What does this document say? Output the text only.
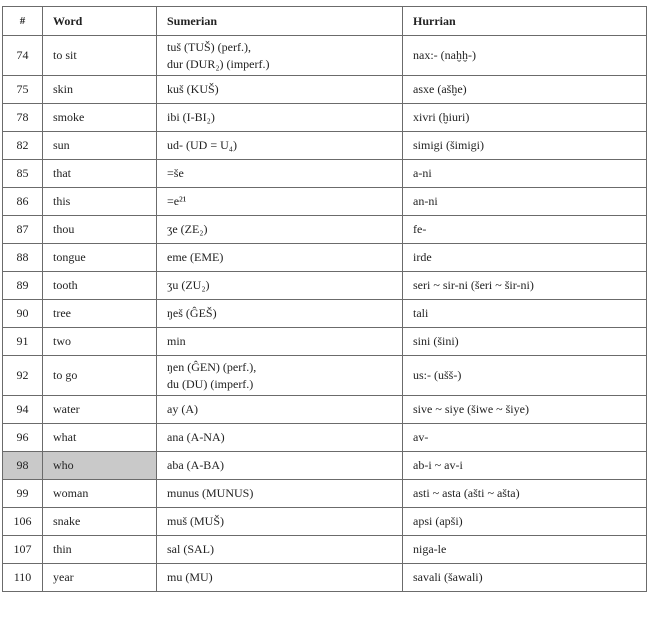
#	Word	Sumerian	Hurrian
74	to sit	tuš (TUŠ) (perf.),
dur (DUR₂) (imperf.)	nax:- (naḫḫ-)
75	skin	kuš (KUŠ)	asxe (ašḫe)
78	smoke	ibi (I-BI₂)	xivri (ḫiuri)
82	sun	ud- (UD = U₄)	simigi (šimigi)
85	that	=še	a-ni
86	this	=e²¹	an-ni
87	thou	ʒe (ZE₂)	fe-
88	tongue	eme (EME)	irde
89	tooth	ʒu (ZU₂)	seri ~ sir-ni (šeri ~ šir-ni)
90	tree	ŋeš (ĜEŠ)	tali
91	two	min	sini (šini)
92	to go	ŋen (ĜEN) (perf.),
du (DU) (imperf.)	us:- (ušš-)
94	water	ay (A)	sive ~ siye (šiwe ~ šiye)
96	what	ana (A-NA)	av-
98	who	aba (A-BA)	ab-i ~ av-i
99	woman	munus (MUNUS)	asti ~ asta (ašti ~ ašta)
106	snake	muš (MUŠ)	apsi (apši)
107	thin	sal (SAL)	niga-le
110	year	mu (MU)	savali (šawali)
